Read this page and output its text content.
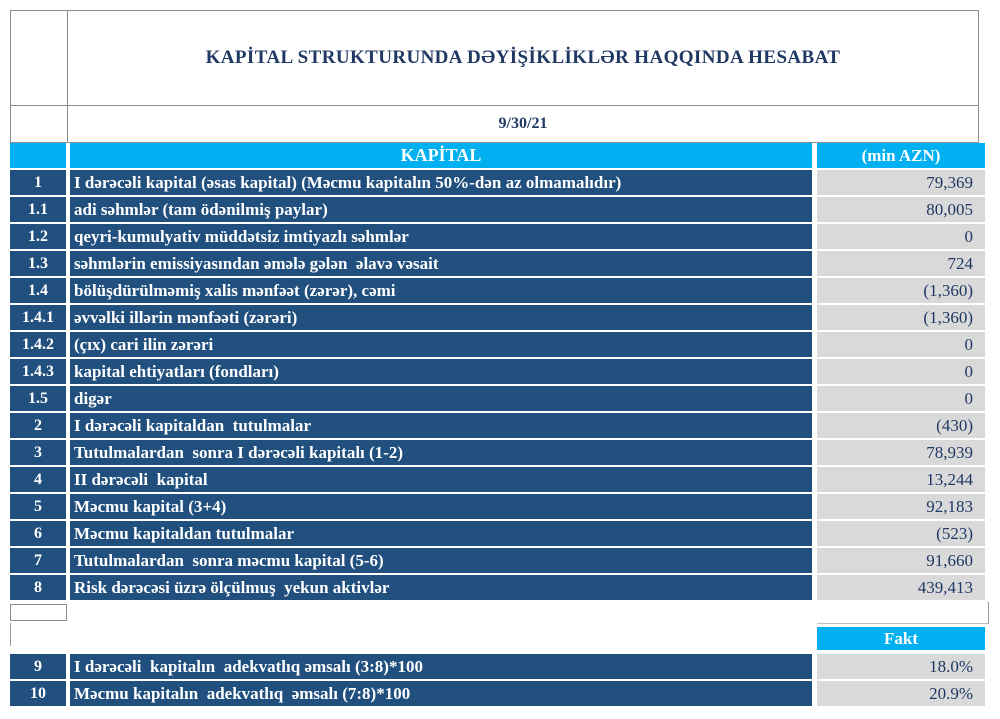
KAPİTAL STRUKTURUNDA DƏYİŞİKLİKLƏR HAQQINDA HESABAT
9/30/21
KAPİTAL	(min AZN)
1	I dərəcəli kapital (əsas kapital) (Məcmu kapitalın 50%-dən az olmamalıdır)	79,369
1.1	adi səhmlər (tam ödənilmiş paylar)	80,005
1.2	qeyri-kumulyativ müddətsiz imtiyazlı səhmlər	0
1.3	səhmlərin emissiyasından əmələ gələn  əlavə vəsait	724
1.4	bölüşdürülməmiş xalis mənfəət (zərər), cəmi	(1,360)
1.4.1	əvvəlki illərin mənfəəti (zərəri)	(1,360)
1.4.2	(çıx) cari ilin zərəri	0
1.4.3	kapital ehtiyatları (fondları)	0
1.5	digər	0
2	I dərəcəli kapitaldan  tutulmalar	(430)
3	Tutulmalardan  sonra I dərəcəli kapitalı (1-2)	78,939
4	II dərəcəli  kapital	13,244
5	Məcmu kapital (3+4)	92,183
6	Məcmu kapitaldan tutulmalar	(523)
7	Tutulmalardan  sonra məcmu kapital (5-6)	91,660
8	Risk dərəcəsi üzrə ölçülmuş  yekun aktivlər	439,413
Fakt
9	I dərəcəli  kapitalın  adekvatlıq əmsalı (3:8)*100	18.0%
10	Məcmu kapitalın  adekvatlıq  əmsalı (7:8)*100	20.9%
